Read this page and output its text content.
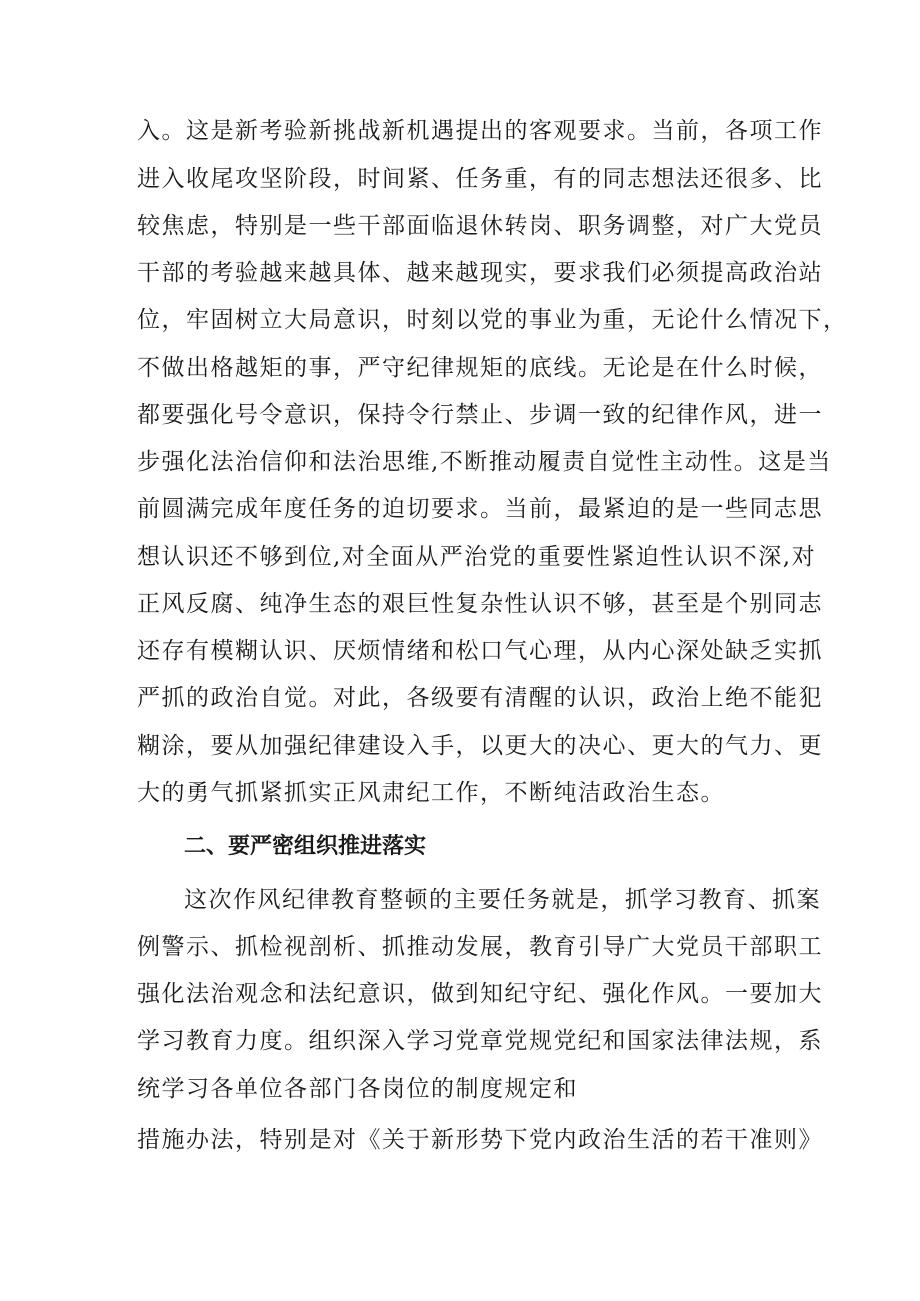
入。这是新考验新挑战新机遇提出的客观要求。当前，各项工作
进入收尾攻坚阶段，时间紧、任务重，有的同志想法还很多、比
较焦虑，特别是一些干部面临退休转岗、职务调整，对广大党员
干部的考验越来越具体、越来越现实，要求我们必须提高政治站
位，牢固树立大局意识，时刻以党的事业为重，无论什么情况下，
不做出格越矩的事，严守纪律规矩的底线。无论是在什么时候，
都要强化号令意识，保持令行禁止、步调一致的纪律作风，进一
步强化法治信仰和法治思维,不断推动履责自觉性主动性。这是当
前圆满完成年度任务的迫切要求。当前，最紧迫的是一些同志思
想认识还不够到位,对全面从严治党的重要性紧迫性认识不深,对
正风反腐、纯净生态的艰巨性复杂性认识不够，甚至是个别同志
还存有模糊认识、厌烦情绪和松口气心理，从内心深处缺乏实抓
严抓的政治自觉。对此，各级要有清醒的认识，政治上绝不能犯
糊涂，要从加强纪律建设入手，以更大的决心、更大的气力、更
大的勇气抓紧抓实正风肃纪工作，不断纯洁政治生态。
二、要严密组织推进落实
这次作风纪律教育整顿的主要任务就是，抓学习教育、抓案
例警示、抓检视剖析、抓推动发展，教育引导广大党员干部职工
强化法治观念和法纪意识，做到知纪守纪、强化作风。一要加大
学习教育力度。组织深入学习党章党规党纪和国家法律法规，系
统学习各单位各部门各岗位的制度规定和
措施办法，特别是对《关于新形势下党内政治生活的若干准则》
